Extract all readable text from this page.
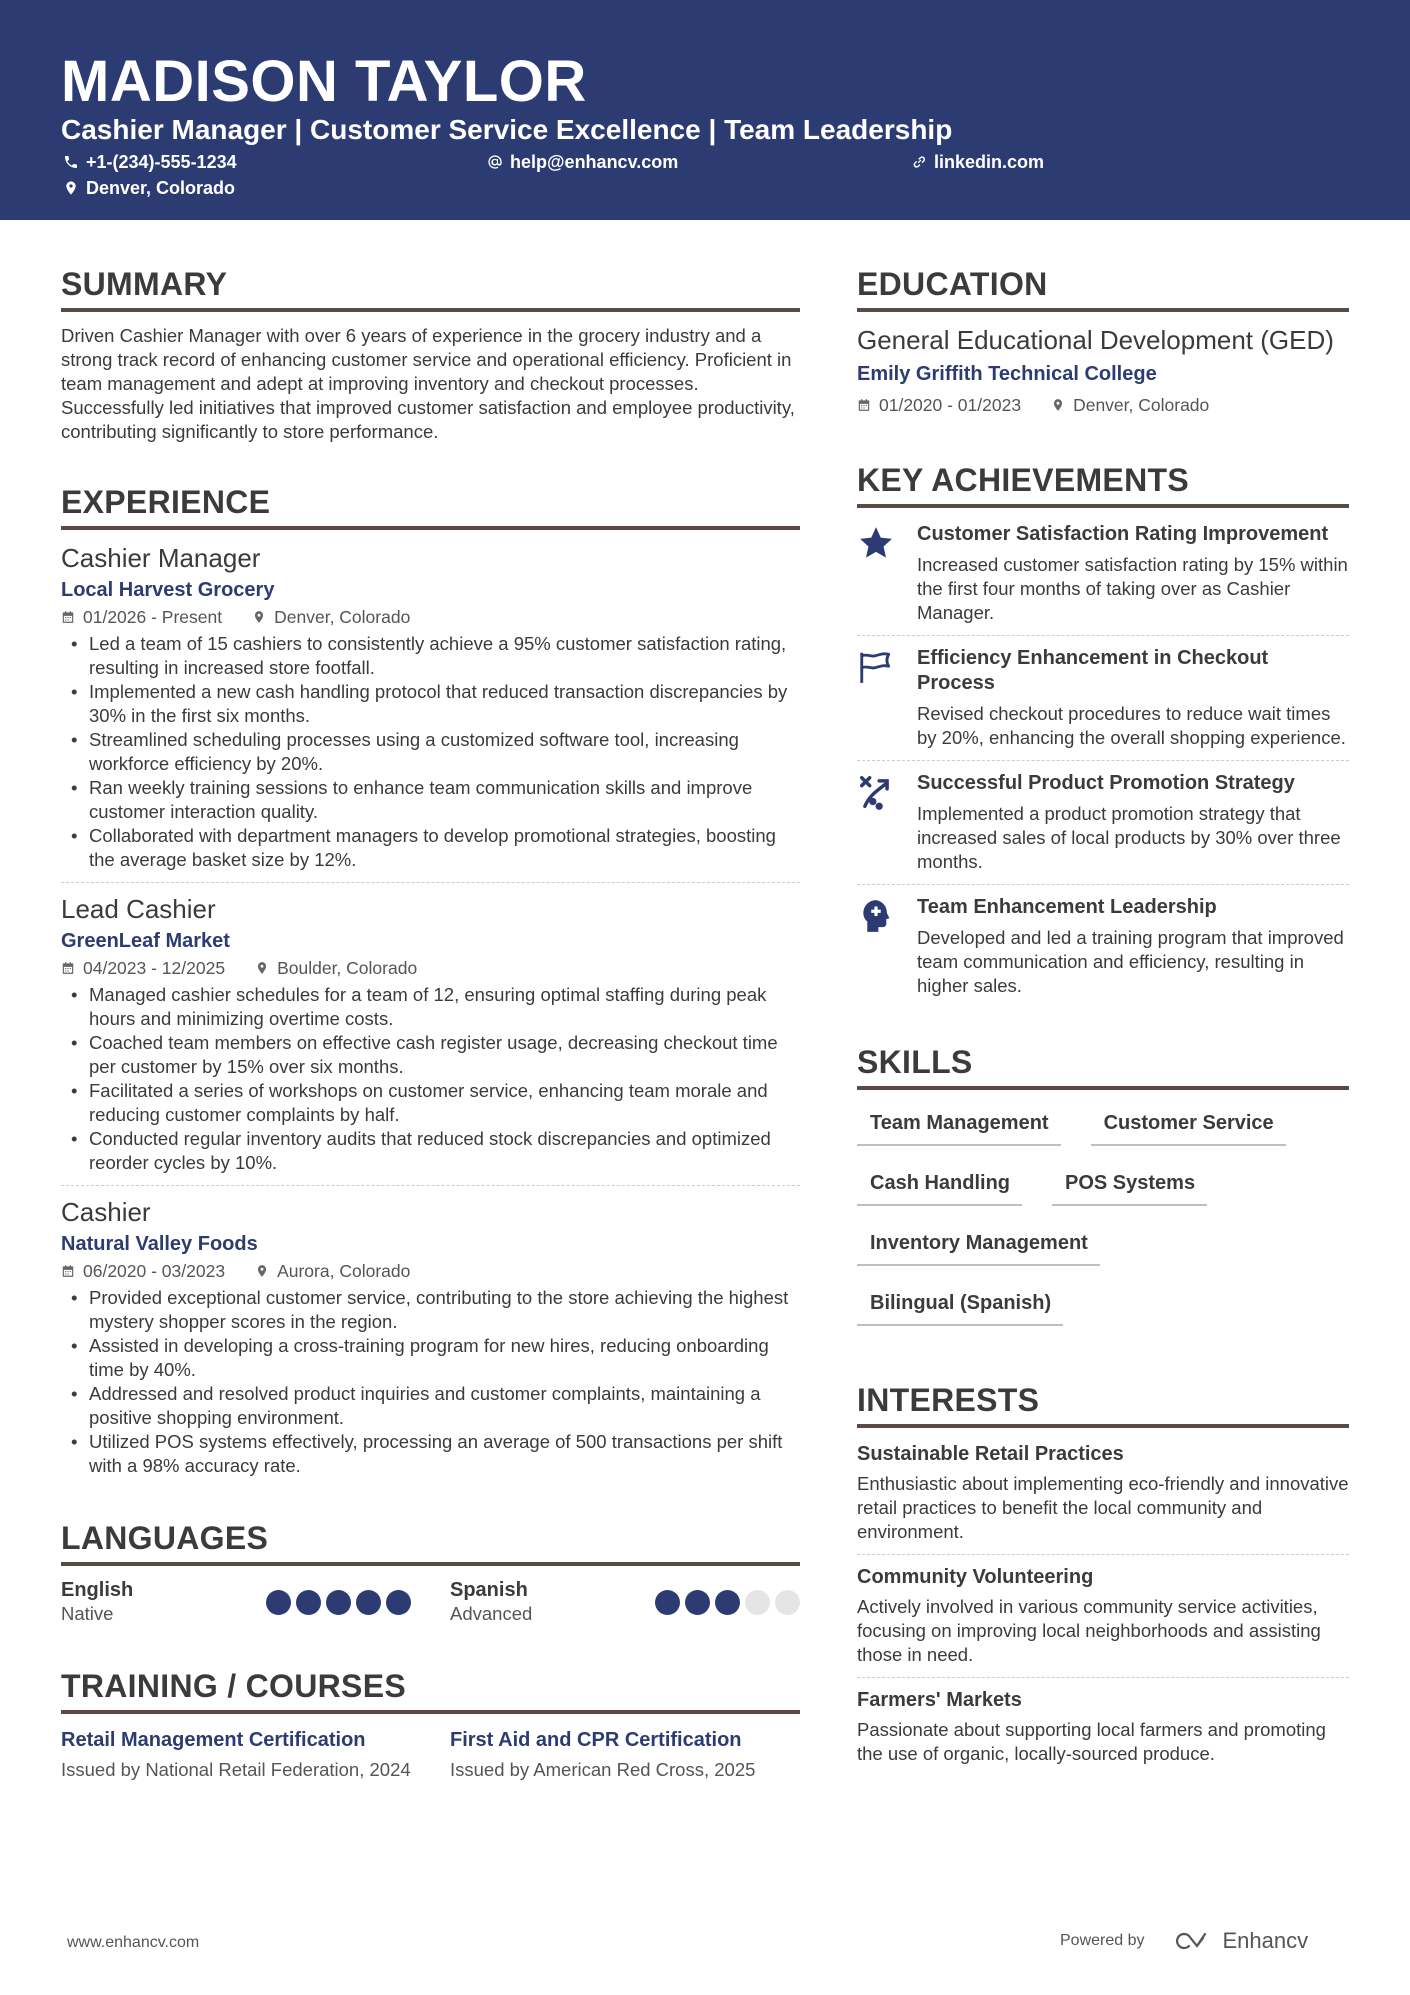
MADISON TAYLOR
Cashier Manager | Customer Service Excellence | Team Leadership
+1-(234)-555-1234	help@enhancv.com	linkedin.com
Denver, Colorado
SUMMARY
Driven Cashier Manager with over 6 years of experience in the grocery industry and a strong track record of enhancing customer service and operational efficiency. Proficient in team management and adept at improving inventory and checkout processes. Successfully led initiatives that improved customer satisfaction and employee productivity, contributing significantly to store performance.
EXPERIENCE
Cashier Manager
Local Harvest Grocery
01/2026 - Present	Denver, Colorado
• Led a team of 15 cashiers to consistently achieve a 95% customer satisfaction rating, resulting in increased store footfall.
• Implemented a new cash handling protocol that reduced transaction discrepancies by 30% in the first six months.
• Streamlined scheduling processes using a customized software tool, increasing workforce efficiency by 20%.
• Ran weekly training sessions to enhance team communication skills and improve customer interaction quality.
• Collaborated with department managers to develop promotional strategies, boosting the average basket size by 12%.
Lead Cashier
GreenLeaf Market
04/2023 - 12/2025	Boulder, Colorado
• Managed cashier schedules for a team of 12, ensuring optimal staffing during peak hours and minimizing overtime costs.
• Coached team members on effective cash register usage, decreasing checkout time per customer by 15% over six months.
• Facilitated a series of workshops on customer service, enhancing team morale and reducing customer complaints by half.
• Conducted regular inventory audits that reduced stock discrepancies and optimized reorder cycles by 10%.
Cashier
Natural Valley Foods
06/2020 - 03/2023	Aurora, Colorado
• Provided exceptional customer service, contributing to the store achieving the highest mystery shopper scores in the region.
• Assisted in developing a cross-training program for new hires, reducing onboarding time by 40%.
• Addressed and resolved product inquiries and customer complaints, maintaining a positive shopping environment.
• Utilized POS systems effectively, processing an average of 500 transactions per shift with a 98% accuracy rate.
LANGUAGES
English
Native
Spanish
Advanced
TRAINING / COURSES
Retail Management Certification
Issued by National Retail Federation, 2024
First Aid and CPR Certification
Issued by American Red Cross, 2025
EDUCATION
General Educational Development (GED)
Emily Griffith Technical College
01/2020 - 01/2023	Denver, Colorado
KEY ACHIEVEMENTS
Customer Satisfaction Rating Improvement
Increased customer satisfaction rating by 15% within the first four months of taking over as Cashier Manager.
Efficiency Enhancement in Checkout Process
Revised checkout procedures to reduce wait times by 20%, enhancing the overall shopping experience.
Successful Product Promotion Strategy
Implemented a product promotion strategy that increased sales of local products by 30% over three months.
Team Enhancement Leadership
Developed and led a training program that improved team communication and efficiency, resulting in higher sales.
SKILLS
Team Management	Customer Service
Cash Handling	POS Systems
Inventory Management
Bilingual (Spanish)
INTERESTS
Sustainable Retail Practices
Enthusiastic about implementing eco-friendly and innovative retail practices to benefit the local community and environment.
Community Volunteering
Actively involved in various community service activities, focusing on improving local neighborhoods and assisting those in need.
Farmers' Markets
Passionate about supporting local farmers and promoting the use of organic, locally-sourced produce.
www.enhancv.com	Powered by	Enhancv
